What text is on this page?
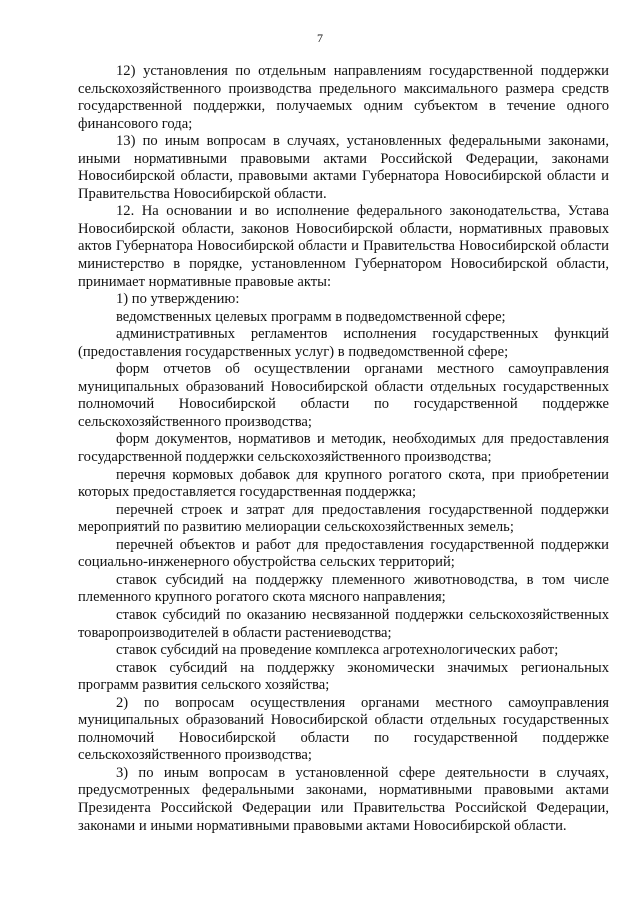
7

12) установления по отдельным направлениям государственной поддержки сельскохозяйственного производства предельного максимального размера средств государственной поддержки, получаемых одним субъектом в течение одного финансового года;

13) по иным вопросам в случаях, установленных федеральными законами, иными нормативными правовыми актами Российской Федерации, законами Новосибирской области, правовыми актами Губернатора Новосибирской области и Правительства Новосибирской области.

12. На основании и во исполнение федерального законодательства, Устава Новосибирской области, законов Новосибирской области, нормативных правовых актов Губернатора Новосибирской области и Правительства Новосибирской области министерство в порядке, установленном Губернатором Новосибирской области, принимает нормативные правовые акты:

1) по утверждению:

ведомственных целевых программ в подведомственной сфере;

административных регламентов исполнения государственных функций (предоставления государственных услуг) в подведомственной сфере;

форм отчетов об осуществлении органами местного самоуправления муниципальных образований Новосибирской области отдельных государственных полномочий Новосибирской области по государственной поддержке сельскохозяйственного производства;

форм документов, нормативов и методик, необходимых для предоставления государственной поддержки сельскохозяйственного производства;

перечня кормовых добавок для крупного рогатого скота, при приобретении которых предоставляется государственная поддержка;

перечней строек и затрат для предоставления государственной поддержки мероприятий по развитию мелиорации сельскохозяйственных земель;

перечней объектов и работ для предоставления государственной поддержки социально-инженерного обустройства сельских территорий;

ставок субсидий на поддержку племенного животноводства, в том числе племенного крупного рогатого скота мясного направления;

ставок субсидий по оказанию несвязанной поддержки сельскохозяйственных товаропроизводителей в области растениеводства;

ставок субсидий на проведение комплекса агротехнологических работ;

ставок субсидий на поддержку экономически значимых региональных программ развития сельского хозяйства;

2) по вопросам осуществления органами местного самоуправления муниципальных образований Новосибирской области отдельных государственных полномочий Новосибирской области по государственной поддержке сельскохозяйственного производства;

3) по иным вопросам в установленной сфере деятельности в случаях, предусмотренных федеральными законами, нормативными правовыми актами Президента Российской Федерации или Правительства Российской Федерации, законами и иными нормативными правовыми актами Новосибирской области.
